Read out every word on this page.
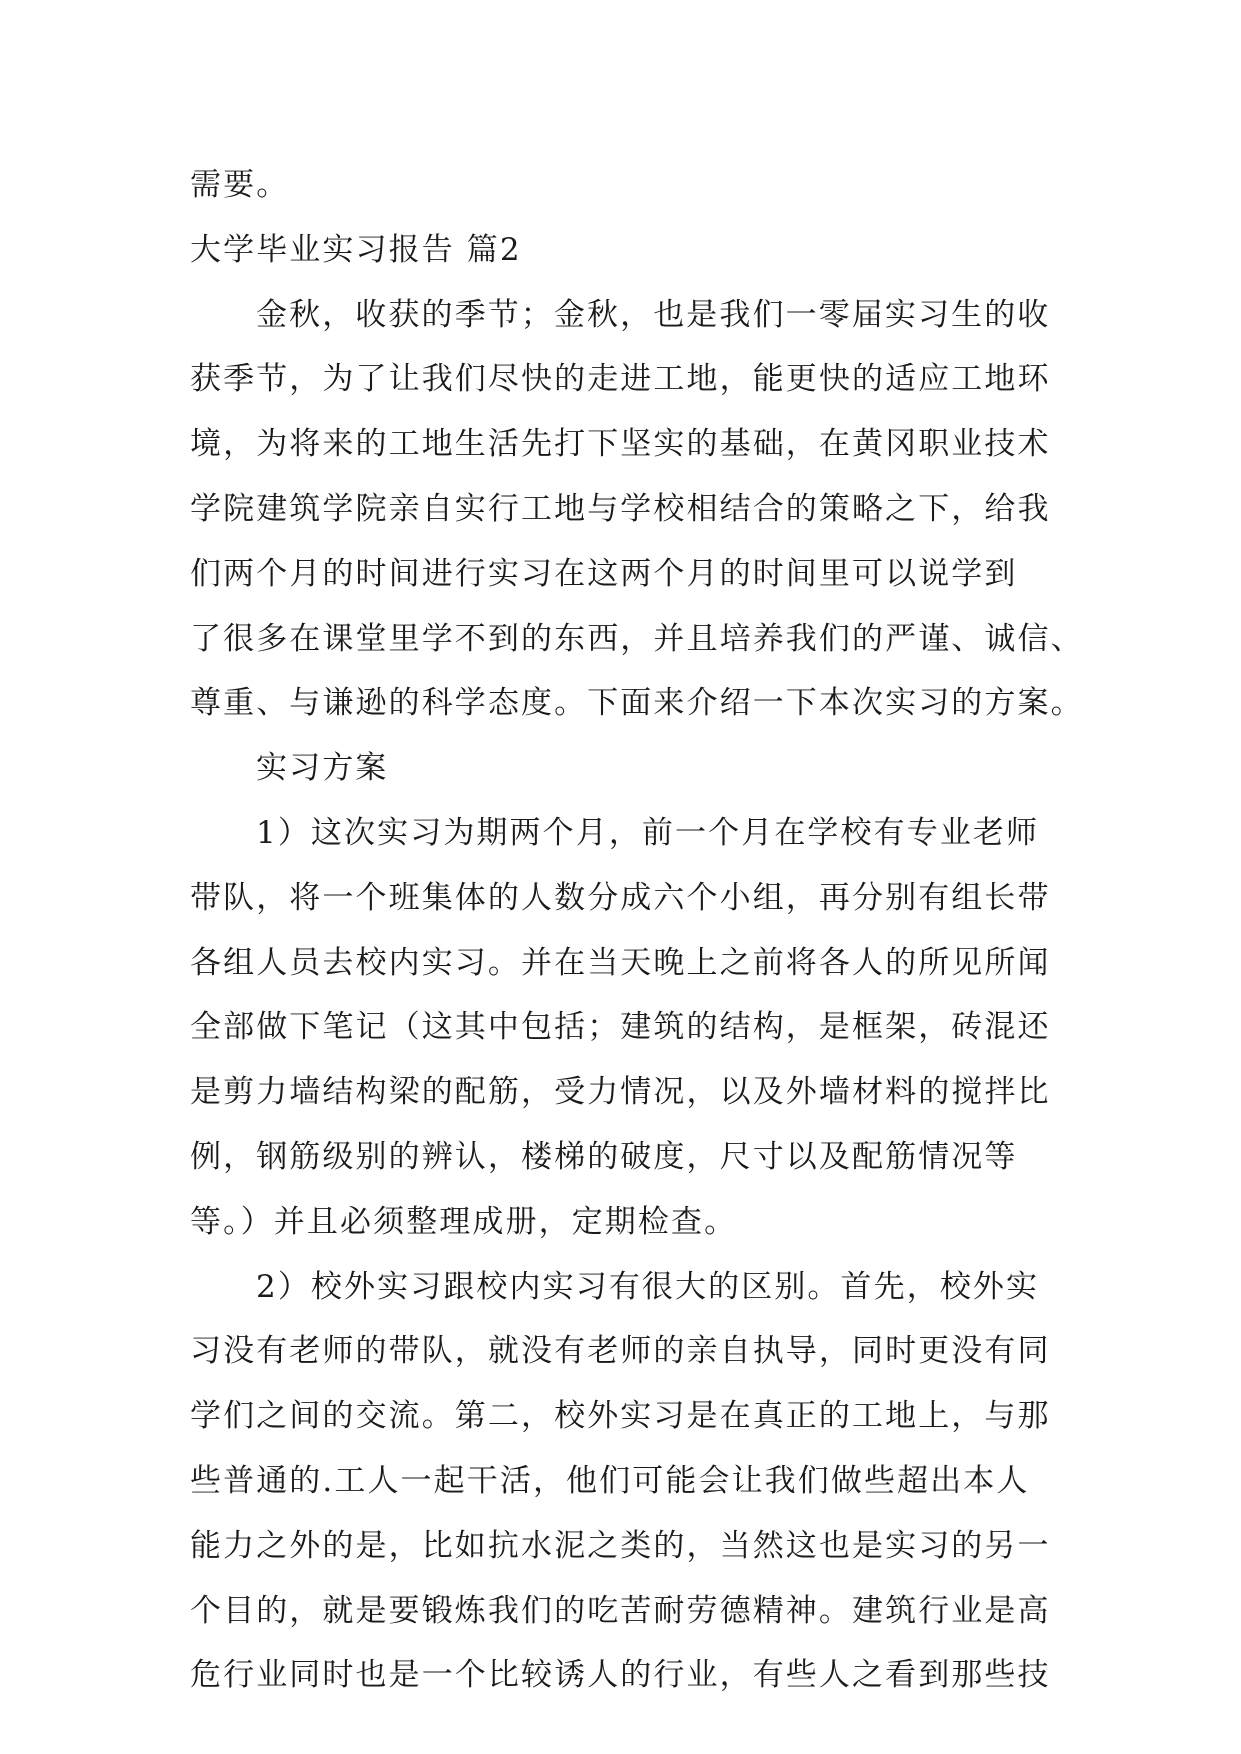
需要。
大学毕业实习报告 篇2
金秋，收获的季节；金秋，也是我们一零届实习生的收
获季节，为了让我们尽快的走进工地，能更快的适应工地环
境，为将来的工地生活先打下坚实的基础，在黄冈职业技术
学院建筑学院亲自实行工地与学校相结合的策略之下，给我
们两个月的时间进行实习在这两个月的时间里可以说学到
了很多在课堂里学不到的东西，并且培养我们的严谨、诚信、
尊重、与谦逊的科学态度。下面来介绍一下本次实习的方案。
实习方案
1）这次实习为期两个月，前一个月在学校有专业老师
带队，将一个班集体的人数分成六个小组，再分别有组长带
各组人员去校内实习。并在当天晚上之前将各人的所见所闻
全部做下笔记（这其中包括；建筑的结构，是框架，砖混还
是剪力墙结构梁的配筋，受力情况，以及外墙材料的搅拌比
例，钢筋级别的辨认，楼梯的破度，尺寸以及配筋情况等
等。）并且必须整理成册，定期检查。
2）校外实习跟校内实习有很大的区别。首先，校外实
习没有老师的带队，就没有老师的亲自执导，同时更没有同
学们之间的交流。第二，校外实习是在真正的工地上，与那
些普通的.工人一起干活，他们可能会让我们做些超出本人
能力之外的是，比如抗水泥之类的，当然这也是实习的另一
个目的，就是要锻炼我们的吃苦耐劳德精神。建筑行业是高
危行业同时也是一个比较诱人的行业，有些人之看到那些技
